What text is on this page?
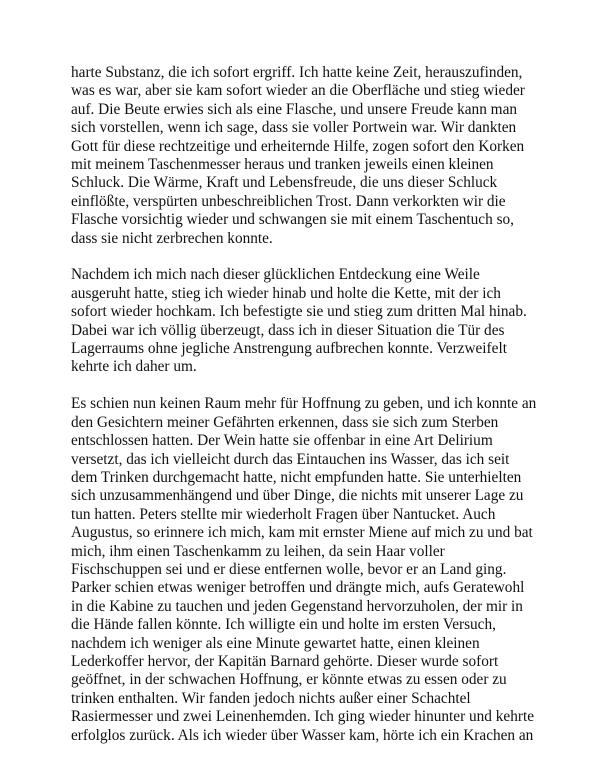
harte Substanz, die ich sofort ergriff. Ich hatte keine Zeit, herauszufinden,
was es war, aber sie kam sofort wieder an die Oberfläche und stieg wieder
auf. Die Beute erwies sich als eine Flasche, und unsere Freude kann man
sich vorstellen, wenn ich sage, dass sie voller Portwein war. Wir dankten
Gott für diese rechtzeitige und erheiternde Hilfe, zogen sofort den Korken
mit meinem Taschenmesser heraus und tranken jeweils einen kleinen
Schluck. Die Wärme, Kraft und Lebensfreude, die uns dieser Schluck
einflößte, verspürten unbeschreiblichen Trost. Dann verkorkten wir die
Flasche vorsichtig wieder und schwangen sie mit einem Taschentuch so,
dass sie nicht zerbrechen konnte.

Nachdem ich mich nach dieser glücklichen Entdeckung eine Weile
ausgeruht hatte, stieg ich wieder hinab und holte die Kette, mit der ich
sofort wieder hochkam. Ich befestigte sie und stieg zum dritten Mal hinab.
Dabei war ich völlig überzeugt, dass ich in dieser Situation die Tür des
Lagerraums ohne jegliche Anstrengung aufbrechen konnte. Verzweifelt
kehrte ich daher um.

Es schien nun keinen Raum mehr für Hoffnung zu geben, und ich konnte an
den Gesichtern meiner Gefährten erkennen, dass sie sich zum Sterben
entschlossen hatten. Der Wein hatte sie offenbar in eine Art Delirium
versetzt, das ich vielleicht durch das Eintauchen ins Wasser, das ich seit
dem Trinken durchgemacht hatte, nicht empfunden hatte. Sie unterhielten
sich unzusammenhängend und über Dinge, die nichts mit unserer Lage zu
tun hatten. Peters stellte mir wiederholt Fragen über Nantucket. Auch
Augustus, so erinnere ich mich, kam mit ernster Miene auf mich zu und bat
mich, ihm einen Taschenkamm zu leihen, da sein Haar voller
Fischschuppen sei und er diese entfernen wolle, bevor er an Land ging.
Parker schien etwas weniger betroffen und drängte mich, aufs Geratewohl
in die Kabine zu tauchen und jeden Gegenstand hervorzuholen, der mir in
die Hände fallen könnte. Ich willigte ein und holte im ersten Versuch,
nachdem ich weniger als eine Minute gewartet hatte, einen kleinen
Lederkoffer hervor, der Kapitän Barnard gehörte. Dieser wurde sofort
geöffnet, in der schwachen Hoffnung, er könnte etwas zu essen oder zu
trinken enthalten. Wir fanden jedoch nichts außer einer Schachtel
Rasiermesser und zwei Leinenhemden. Ich ging wieder hinunter und kehrte
erfolglos zurück. Als ich wieder über Wasser kam, hörte ich ein Krachen an
